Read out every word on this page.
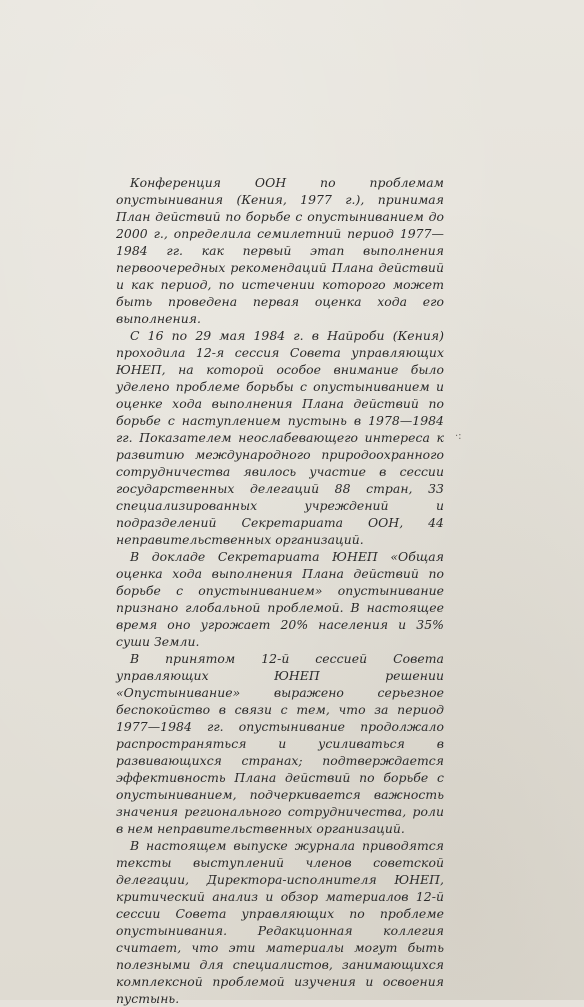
Конференция ООН по проблемам опустынивания (Кения, 1977 г.), принимая План действий по борьбе с опустыниванием до 2000 г., определила семилетний период 1977—1984 гг. как первый этап выполнения первоочередных рекомендаций Плана действий и как период, по истечении которого может быть проведена первая оценка хода его выполнения.

С 16 по 29 мая 1984 г. в Найроби (Кения) проходила 12-я сессия Совета управляющих ЮНЕП, на которой особое внимание было уделено проблеме борьбы с опустыниванием и оценке хода выполнения Плана действий по борьбе с наступлением пустынь в 1978—1984 гг. Показателем неослабевающего интереса к развитию международного природоохранного сотрудничества явилось участие в сессии государственных делегаций 88 стран, 33 специализированных учреждений и подразделений Секретариата ООН, 44 неправительственных организаций.

В докладе Секретариата ЮНЕП «Общая оценка хода выполнения Плана действий по борьбе с опустыниванием» опустынивание признано глобальной проблемой. В настоящее время оно угрожает 20% населения и 35% суши Земли.

В принятом 12-й сессией Совета управляющих ЮНЕП решении «Опустынивание» выражено серьезное беспокойство в связи с тем, что за период 1977—1984 гг. опустынивание продолжало распространяться и усиливаться в развивающихся странах; подтверждается эффективность Плана действий по борьбе с опустыниванием, подчеркивается важность значения регионального сотрудничества, роли в нем неправительственных организаций.

В настоящем выпуске журнала приводятся тексты выступлений членов советской делегации, Директора-исполнителя ЮНЕП, критический анализ и обзор материалов 12-й сессии Совета управляющих по проблеме опустынивания. Редакционная коллегия считает, что эти материалы могут быть полезными для специалистов, занимающихся комплексной проблемой изучения и освоения пустынь.

·:
